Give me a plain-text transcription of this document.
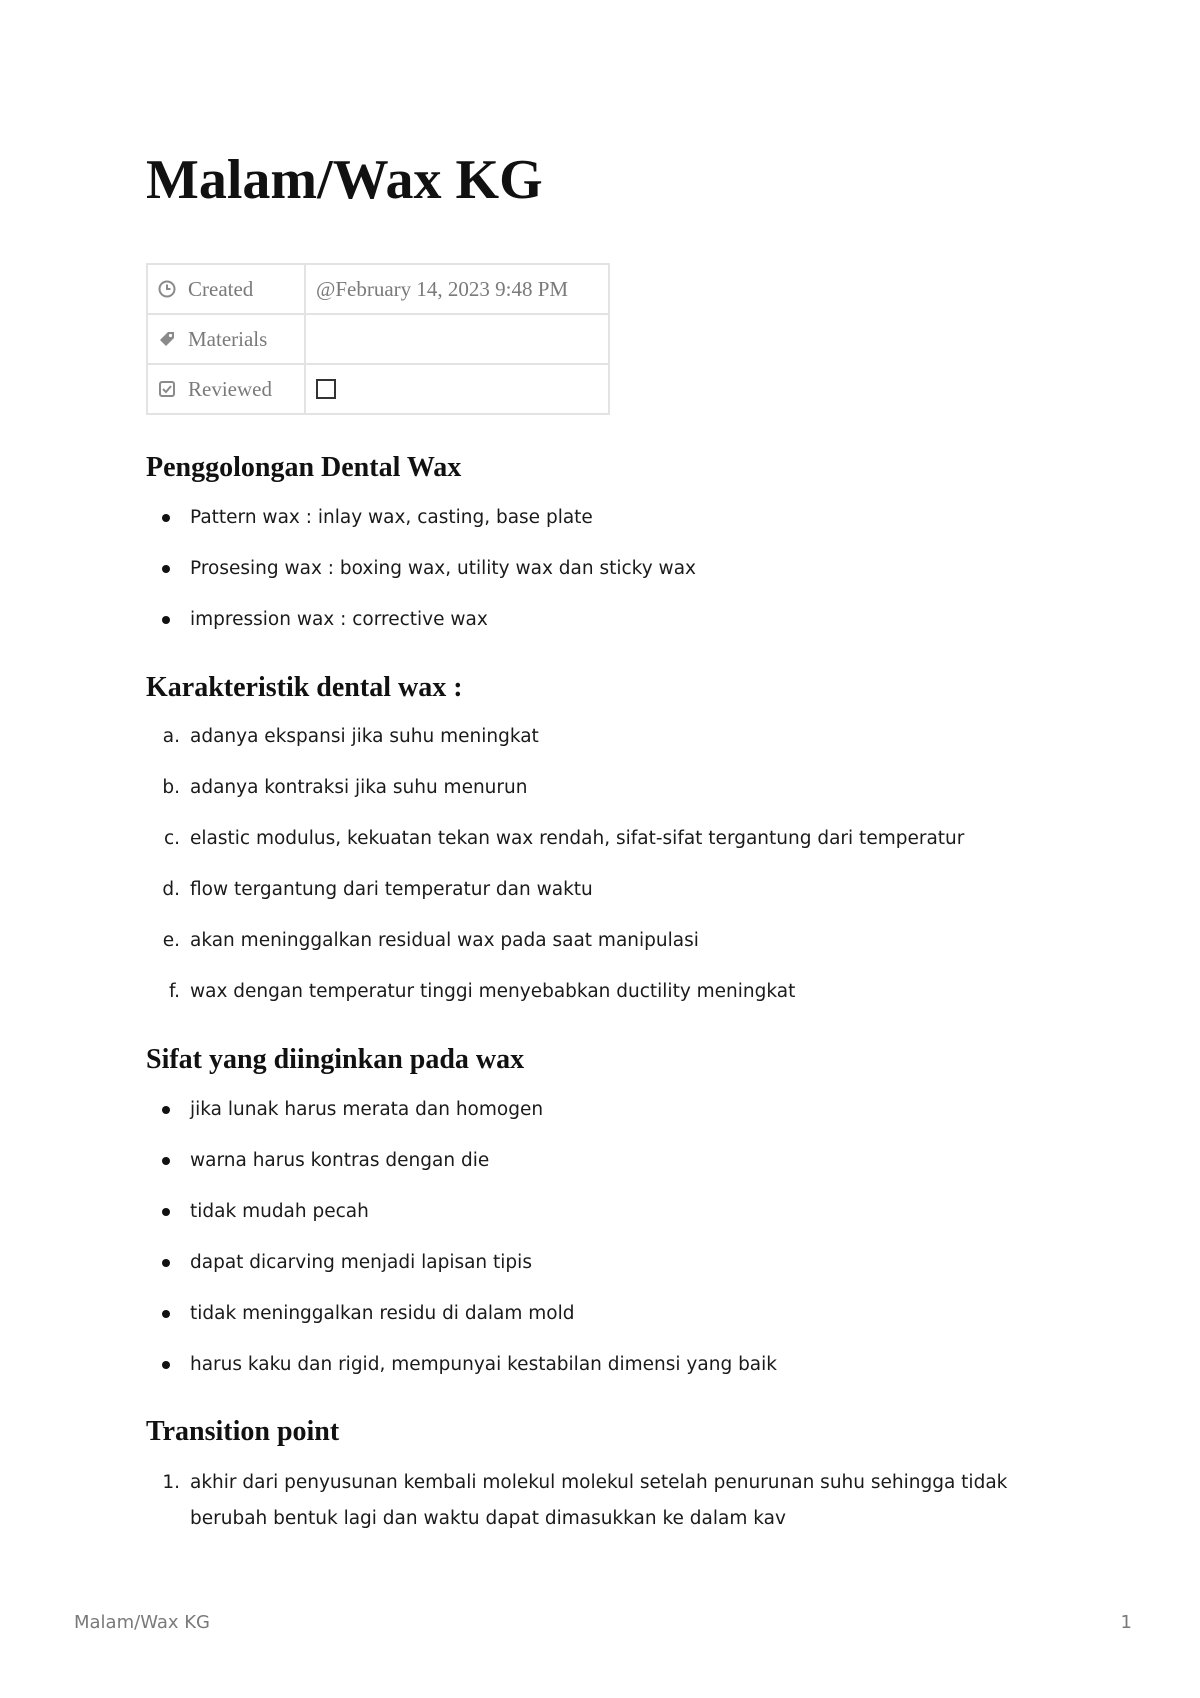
Malam/Wax KG
Created	@February 14, 2023 9:48 PM
Materials	
Reviewed	
Penggolongan Dental Wax
Pattern wax : inlay wax, casting, base plate
Prosesing wax : boxing wax, utility wax dan sticky wax
impression wax : corrective wax
Karakteristik dental wax :
a. adanya ekspansi jika suhu meningkat
b. adanya kontraksi jika suhu menurun
c. elastic modulus, kekuatan tekan wax rendah, sifat-sifat tergantung dari temperatur
d. flow tergantung dari temperatur dan waktu
e. akan meninggalkan residual wax pada saat manipulasi
f. wax dengan temperatur tinggi menyebabkan ductility meningkat
Sifat yang diinginkan pada wax
jika lunak harus merata dan homogen
warna harus kontras dengan die
tidak mudah pecah
dapat dicarving menjadi lapisan tipis
tidak meninggalkan residu di dalam mold
harus kaku dan rigid, mempunyai kestabilan dimensi yang baik
Transition point
1. akhir dari penyusunan kembali molekul molekul setelah penurunan suhu sehingga tidak berubah bentuk lagi dan waktu dapat dimasukkan ke dalam kav
Malam/Wax KG	1
